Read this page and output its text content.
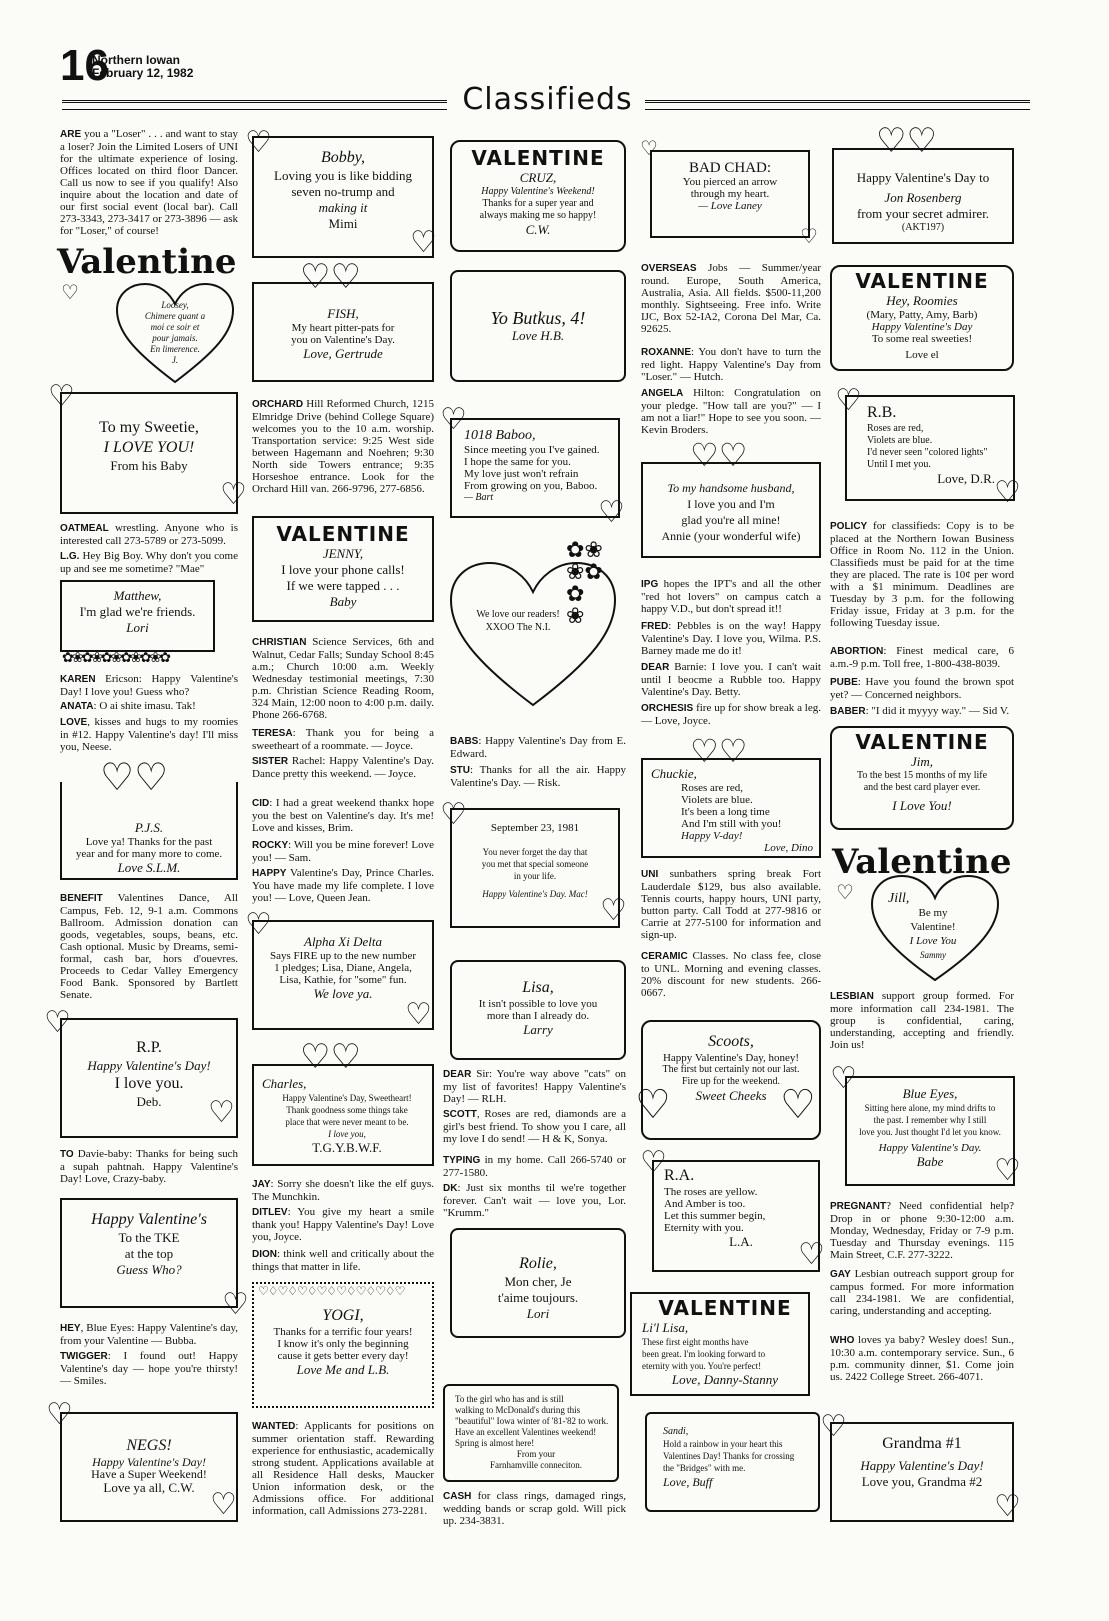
16
Northern Iowan
February 12, 1982
Classifieds
ARE you a "Loser" . . . and want to stay a loser? Join the Limited Losers of UNI for the ultimate experience of losing. Offices located on third floor Dancer. Call us now to see if you qualify! Also inquire about the location and date of our first social event (local bar). Call 273-3343, 273-3417 or 273-3896 — ask for "Loser," of course!
Valentine
Loosey,
Chimere quant a
moi ce soir et
pour jamais.
En limerence.
J.
♡
To my Sweetie,
I LOVE YOU!
From his Baby
♡
♡
OATMEAL wrestling. Anyone who is interested call 273-5789 or 273-5099.
L.G. Hey Big Boy. Why don't you come up and see me sometime? "Mae"
Matthew,
I'm glad we're friends.
Lori
✿❀✿❀✿❀✿❀✿❀✿
KAREN Ericson: Happy Valentine's Day! I love you! Guess who?
ANATA: O ai shite imasu. Tak!
LOVE, kisses and hugs to my roomies in #12. Happy Valentine's day! I'll miss you, Neese.
P.J.S.
Love ya! Thanks for the past
year and for many more to come.
Love S.L.M.
♡♡
BENEFIT Valentines Dance, All Campus, Feb. 12, 9-1 a.m. Commons Ballroom. Admission donation can goods, vegetables, soups, beans, etc. Cash optional. Music by Dreams, semi-formal, cash bar, hors d'ouevres. Proceeds to Cedar Valley Emergency Food Bank. Sponsored by Bartlett Senate.
R.P.
Happy Valentine's Day!
I love you.
Deb.
♡
♡
TO Davie-baby: Thanks for being such a supah pahtnah. Happy Valentine's Day! Love, Crazy-baby.
Happy Valentine's
To the TKE
at the top
Guess Who?
♡
HEY, Blue Eyes: Happy Valentine's day, from your Valentine — Bubba.
TWIGGER: I found out! Happy Valentine's day — hope you're thirsty! — Smiles.
NEGS!
Happy Valentine's Day!
Have a Super Weekend!
Love ya all, C.W.
♡
♡
Bobby,
Loving you is like bidding
seven no-trump and
making it
Mimi
♡
♡
FISH,
My heart pitter-pats for
you on Valentine's Day.
Love, Gertrude
♡♡
ORCHARD Hill Reformed Church, 1215 Elmridge Drive (behind College Square) welcomes you to the 10 a.m. worship. Transportation service: 9:25 West side between Hagemann and Noehren; 9:30 North side Towers entrance; 9:35 Horseshoe entrance. Look for the Orchard Hill van. 266-9796, 277-6856.
VALENTINE
JENNY,
I love your phone calls!
If we were tapped . . .
Baby
CHRISTIAN Science Services, 6th and Walnut, Cedar Falls; Sunday School 8:45 a.m.; Church 10:00 a.m. Weekly Wednesday testimonial meetings, 7:30 p.m. Christian Science Reading Room, 324 Main, 12:00 noon to 4:00 p.m. daily. Phone 266-6768.
TERESA: Thank you for being a sweetheart of a roommate. — Joyce.
SISTER Rachel: Happy Valentine's Day. Dance pretty this weekend. — Joyce.
CID: I had a great weekend thankx hope you the best on Valentine's day. It's me! Love and kisses, Brim.
ROCKY: Will you be mine forever! Love you! — Sam.
HAPPY Valentine's Day, Prince Charles. You have made my life complete. I love you! — Love, Queen Jean.
Alpha Xi Delta
Says FIRE up to the new number
1 pledges; Lisa, Diane, Angela,
Lisa, Kathie, for "some" fun.
We love ya.
♡
♡
Charles,
Happy Valentine's Day, Sweetheart!
Thank goodness some things take
place that were never meant to be.
I love you,
T.G.Y.B.W.F.
♡♡
JAY: Sorry she doesn't like the elf guys. The Munchkin.
DITLEV: You give my heart a smile thank you! Happy Valentine's Day! Love you, Joyce.
DION: think well and critically about the things that matter in life.
YOGI,
Thanks for a terrific four years!
I know it's only the beginning
cause it gets better every day!
Love Me and L.B.
♡♢♡♢♡♢♡♢♡♢♡♢♡♢♡
WANTED: Applicants for positions on summer orientation staff. Rewarding experience for enthusiastic, academically strong student. Applications available at all Residence Hall desks, Maucker Union information desk, or the Admissions office. For additional information, call Admissions 273-2281.
VALENTINE
CRUZ,
Happy Valentine's Weekend!
Thanks for a super year and
always making me so happy!
C.W.
Yo Butkus, 4!
Love H.B.
1018 Baboo,
Since meeting you I've gained.
I hope the same for you.
My love just won't refrain
From growing on you, Baboo.
— Bart
♡
♡
✿❀
❀✿
✿
❀
We love our readers!
XXOO The N.I.
BABS: Happy Valentine's Day from E. Edward.
STU: Thanks for all the air. Happy Valentine's Day. — Risk.
September 23, 1981
You never forget the day that
you met that special someone
in your life.
Happy Valentine's Day. Mac!
♡
♡
Lisa,
It isn't possible to love you
more than I already do.
Larry
DEAR Sir: You're way above "cats" on my list of favorites! Happy Valentine's Day! — RLH.
SCOTT, Roses are red, diamonds are a girl's best friend. To show you I care, all my love I do send! — H & K, Sonya.
TYPING in my home. Call 266-5740 or 277-1580.
DK: Just six months til we're together forever. Can't wait — love you, Lor. "Krumm."
Rolie,
Mon cher, Je
t'aime toujours.
Lori
To the girl who has and is still
walking to McDonald's during this
"beautiful" Iowa winter of '81-'82 to work.
Have an excellent Valentines weekend!
Spring is almost here!
From your
Farnhamville conneciton.
CASH for class rings, damaged rings, wedding bands or scrap gold. Will pick up. 234-3831.
BAD CHAD:
You pierced an arrow
through my heart.
— Love Laney
♡
♡
OVERSEAS Jobs — Summer/year round. Europe, South America, Australia, Asia. All fields. $500-11,200 monthly. Sightseeing. Free info. Write IJC, Box 52-IA2, Corona Del Mar, Ca. 92625.
ROXANNE: You don't have to turn the red light. Happy Valentine's Day from "Loser." — Hutch.
ANGELA Hilton: Congratulation on your pledge. "How tall are you?" — I am not a liar!" Hope to see you soon. — Kevin Broders.
To my handsome husband,
I love you and I'm
glad you're all mine!
Annie (your wonderful wife)
♡♡
IPG hopes the IPT's and all the other "red hot lovers" on campus catch a happy V.D., but don't spread it!!
FRED: Pebbles is on the way! Happy Valentine's Day. I love you, Wilma. P.S. Barney made me do it!
DEAR Barnie: I love you. I can't wait until I beocme a Rubble too. Happy Valentine's Day. Betty.
ORCHESIS fire up for show break a leg. — Love, Joyce.
Chuckie,
Roses are red,
Violets are blue.
It's been a long time
And I'm still with you!
Happy V-day!
Love, Dino
♡♡
UNI sunbathers spring break Fort Lauderdale $129, bus also available. Tennis courts, happy hours, UNI party, button party. Call Todd at 277-9816 or Carrie at 277-5100 for information and sign-up.
CERAMIC Classes. No class fee, close to UNL. Morning and evening classes. 20% discount for new students. 266-0667.
Scoots,
Happy Valentine's Day, honey!
The first but certainly not our last.
Fire up for the weekend.
Sweet Cheeks
♡	♡
R.A.
The roses are yellow.
And Amber is too.
Let this summer begin,
Eternity with you.
L.A.
♡
♡
VALENTINE
Li'l Lisa,
These first eight months have
been great. I'm looking forward to
eternity with you. You're perfect!
Love, Danny-Stanny
Sandi,
Hold a rainbow in your heart this
Valentines Day! Thanks for crossing
the "Bridges" with me.
Love, Buff
Happy Valentine's Day to
Jon Rosenberg
from your secret admirer.
(AKT197)
♡♡
VALENTINE
Hey, Roomies
(Mary, Patty, Amy, Barb)
Happy Valentine's Day
To some real sweeties!
Love el
R.B.
Roses are red,
Violets are blue.
I'd never seen "colored lights"
Until I met you.
Love, D.R.
♡
♡
POLICY for classifieds: Copy is to be placed at the Northern Iowan Business Office in Room No. 112 in the Union. Classifieds must be paid for at the time they are placed. The rate is 10¢ per word with a $1 minimum. Deadlines are Tuesday by 3 p.m. for the following Friday issue, Friday at 3 p.m. for the following Tuesday issue.
ABORTION: Finest medical care, 6 a.m.-9 p.m. Toll free, 1-800-438-8039.
PUBE: Have you found the brown spot yet? — Concerned neighbors.
BABER: "I did it myyyy way." — Sid V.
VALENTINE
Jim,
To the best 15 months of my life
and the best card player ever.
I Love You!
Valentine
Jill,
Be my
Valentine!
I Love You
Sammy
♡
LESBIAN support group formed. For more information call 234-1981. The group is confidential, caring, understanding, accepting and friendly. Join us!
Blue Eyes,
Sitting here alone, my mind drifts to
the past. I remember why I still
love you. Just thought I'd let you know.
Happy Valentine's Day.
Babe
♡
♡
PREGNANT? Need confidential help? Drop in or phone 9:30-12:00 a.m. Monday, Wednesday, Friday or 7-9 p.m. Tuesday and Thursday evenings. 115 Main Street, C.F. 277-3222.
GAY Lesbian outreach support group for campus formed. For more information call 234-1981. We are confidential, caring, understanding and accepting.
WHO loves ya baby? Wesley does! Sun., 10:30 a.m. contemporary service. Sun., 6 p.m. community dinner, $1. Come join us. 2422 College Street. 266-4071.
Grandma #1
Happy Valentine's Day!
Love you, Grandma #2
♡
♡
